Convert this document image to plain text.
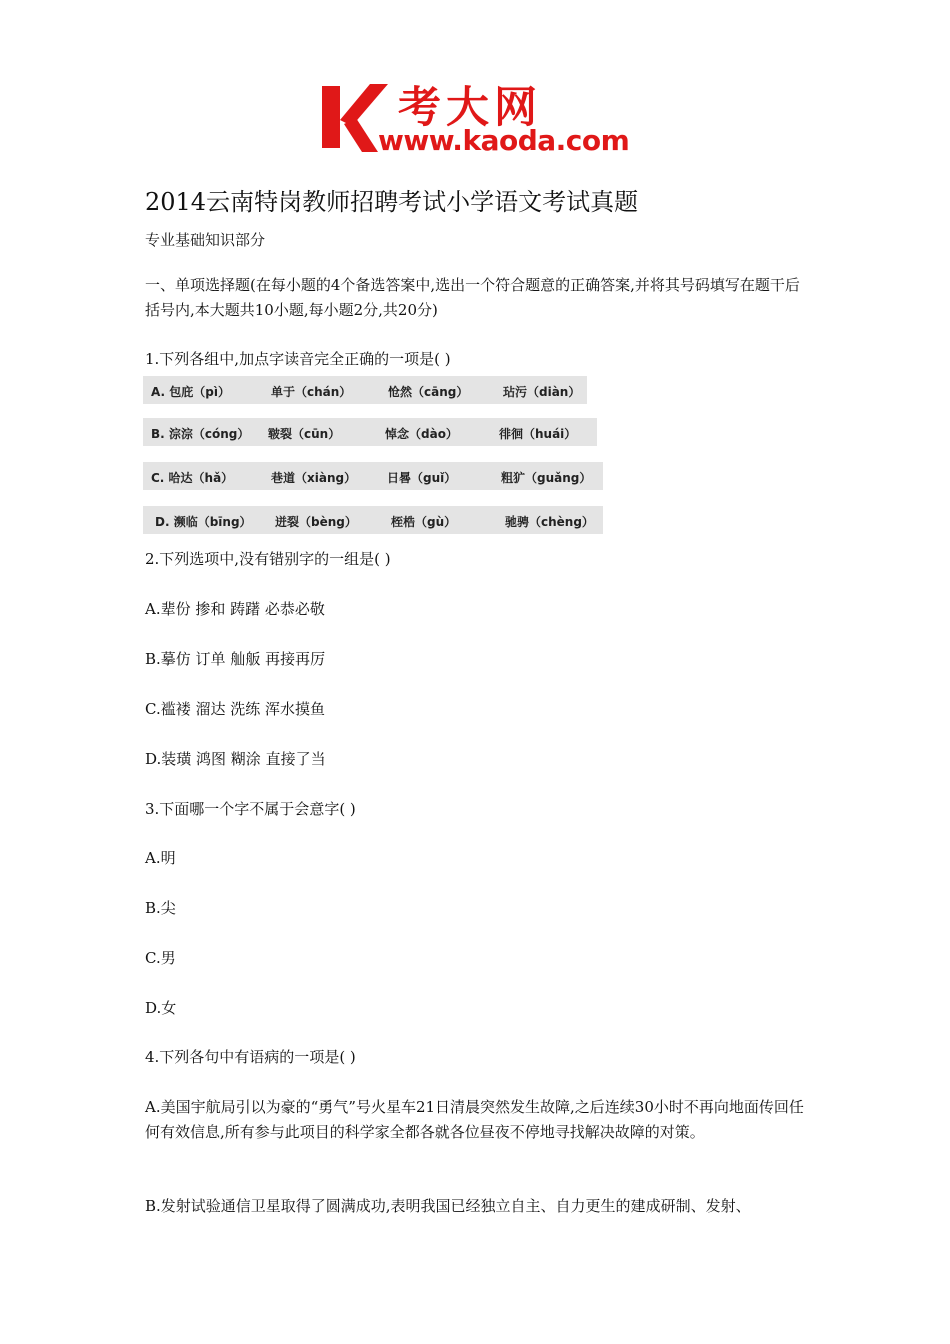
考大网
www.kaoda.com
2014云南特岗教师招聘考试小学语文考试真题

专业基础知识部分

一、单项选择题(在每小题的4个备选答案中,选出一个符合题意的正确答案,并将其号码填写在题干后括号内,本大题共10小题,每小题2分,共20分)

1.下列各组中,加点字读音完全正确的一项是( )

A. 包庇（pì）	单于（chán）	怆然（cāng）	玷污（diàn）
B. 淙淙（cóng） 皲裂（cūn）	悼念（dào）	徘徊（huái）
C. 哈达（hǎ）	巷道（xiàng）	日晷（guǐ）	粗犷（guǎng）
D. 濒临（bīng） 迸裂（bèng）	桎梏（gù）	驰骋（chèng）

2.下列选项中,没有错别字的一组是( )

A.辈份 掺和 踌躇 必恭必敬

B.摹仿 订单 舢舨 再接再厉

C.褴褛 溜达 洗练 浑水摸鱼

D.装璜 鸿图 糊涂 直接了当

3.下面哪一个字不属于会意字( )

A.明

B.尖

C.男

D.女

4.下列各句中有语病的一项是( )

A.美国宇航局引以为豪的“勇气”号火星车21日清晨突然发生故障,之后连续30小时不再向地面传回任何有效信息,所有参与此项目的科学家全都各就各位昼夜不停地寻找解决故障的对策。

B.发射试验通信卫星取得了圆满成功,表明我国已经独立自主、自力更生的建成研制、发射、
